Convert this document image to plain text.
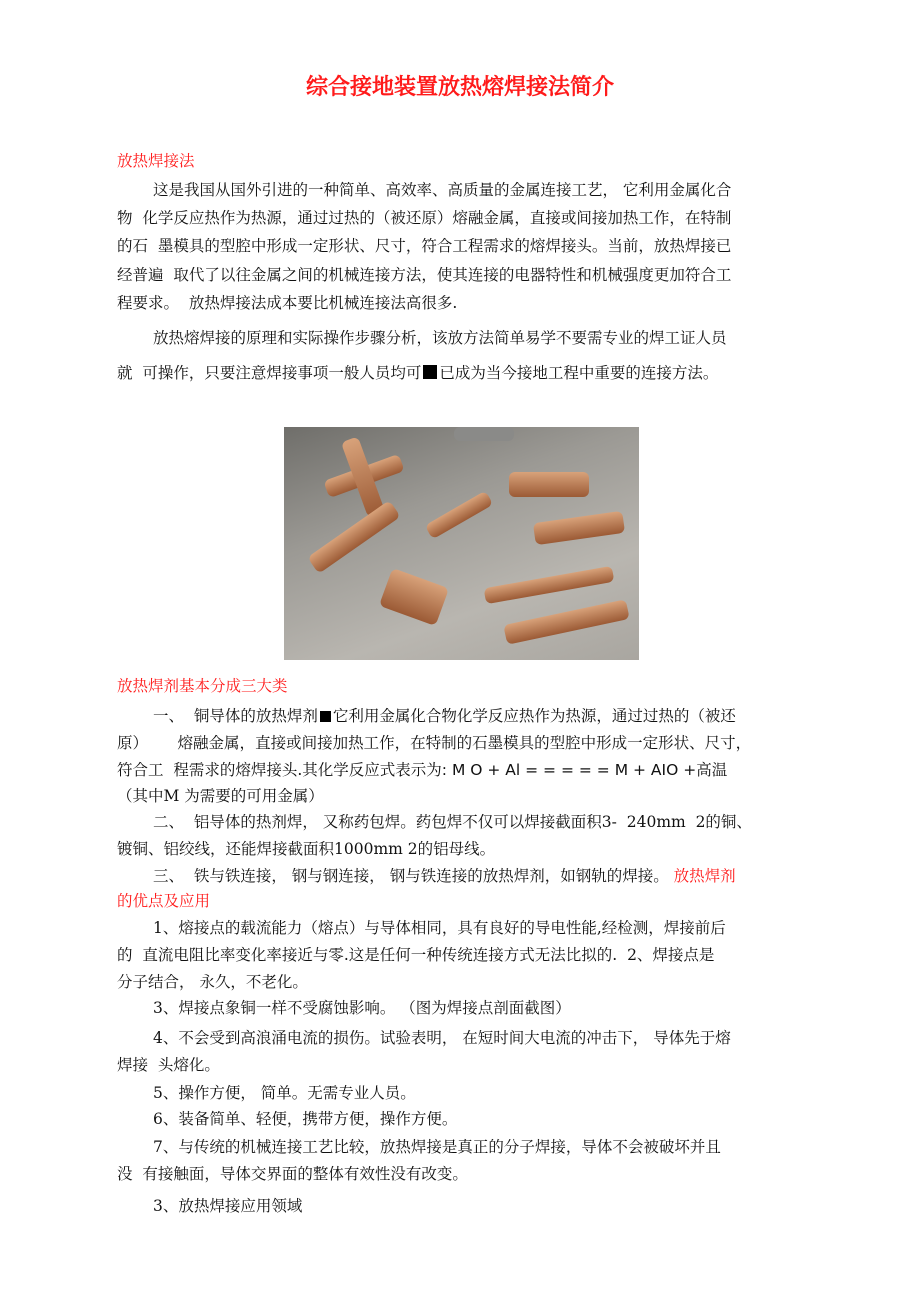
综合接地装置放热熔焊接法简介
放热焊接法
这是我国从国外引进的一种简单、高效率、高质量的金属连接工艺， 它利用金属化合
物  化学反应热作为热源，通过过热的（被还原）熔融金属，直接或间接加热工作，在特制
的石  墨模具的型腔中形成一定形状、尺寸，符合工程需求的熔焊接头。当前，放热焊接已
经普遍  取代了以往金属之间的机械连接方法，使其连接的电器特性和机械强度更加符合工
程要求。  放热焊接法成本要比机械连接法高很多.
放热熔焊接的原理和实际操作步骤分析，该放方法简单易学不要需专业的焊工证人员
就  可操作，只要注意焊接事项一般人员均可 已成为当今接地工程中重要的连接方法。
放热焊剂基本分成三大类
一、  铜导体的放热焊剂 它利用金属化合物化学反应热作为热源，通过过热的（被还
原）      熔融金属，直接或间接加热工作，在特制的石墨模具的型腔中形成一定形状、尺寸，
符合工  程需求的熔焊接头.其化学反应式表示为: M O + Al = = = = = M + AIO +高温
（其中M 为需要的可用金属）
二、  铝导体的热剂焊， 又称药包焊。药包焊不仅可以焊接截面积3-  240mm  2的铜、
镀铜、铝绞线，还能焊接截面积1000mm 2的铝母线。
三、  铁与铁连接， 钢与钢连接， 钢与铁连接的放热焊剂，如钢轨的焊接。 放热焊剂
的优点及应用
1、熔接点的载流能力（熔点）与导体相同，具有良好的导电性能,经检测，焊接前后
的  直流电阻比率变化率接近与零.这是任何一种传统连接方式无法比拟的.  2、焊接点是
分子结合， 永久，不老化。
3、焊接点象铜一样不受腐蚀影响。 （图为焊接点剖面截图）
4、不会受到高浪涌电流的损伤。试验表明， 在短时间大电流的冲击下， 导体先于熔
焊接  头熔化。
5、操作方便， 简单。无需专业人员。
6、装备简单、轻便，携带方便，操作方便。
7、与传统的机械连接工艺比较，放热焊接是真正的分子焊接，导体不会被破坏并且
没  有接触面，导体交界面的整体有效性没有改变。
3、放热焊接应用领域
